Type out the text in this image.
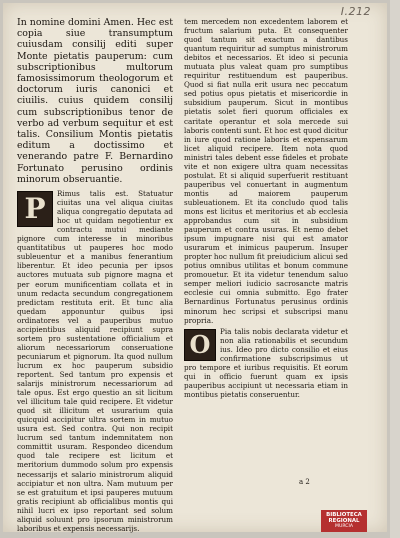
I.212

In nomine domini Amen. Hec est copia siue transumptum cuiusdam consilij editi super Monte pietatis pauperum: cum subscriptionibus multorum famosissimorum theologorum et doctorum iuris canonici et ciuilis. cuius quidem consilij cum subscriptionibus tenor de verbo ad verbum sequitur et est talis. Consilium Montis pietatis editum a doctissimo et venerando patre F. Bernardino Fortunato perusino ordinis minorum obseruantie.

P	Rimus talis est. Statuatur ciuitas una vel aliqua ciuitas aliqua congregatio deputata ad hoc ut quidam negotientur ex contractu mutui mediante pignore cum interesse in minoribus quantitatibus ut pauperes hoc modo subleuentur et a manibus fenerantium liberentur. Et ideo pecunia per ipsos auctores mutuata sub pignore magna et per eorum munificentiam collata et in unum redacta secundum congregationem predictam restituta erit. Et tunc alia quedam apponuntur quibus ipsi ordinatores vel a pauperibus mutuo accipientibus aliquid recipiunt supra sortem pro sustentatione officialium et aliorum necessariorum conseruatione pecuniarum et pignorum. Ita quod nullum lucrum ex hoc pauperum subsidio reportent. Sed tantum pro expensis et salarijs ministrorum necessariorum ad tale opus. Est ergo questio an sit licitum vel illicitum tale quid recipere. Et videtur quod sit illicitum et usurarium quia quicquid accipitur ultra sortem in mutuo usura est. Sed contra. Qui non recipit lucrum sed tantum indemnitatem non committit usuram. Respondeo dicendum quod tale recipere est licitum et meritorium dummodo solum pro expensis necessarijs et salario ministrorum aliquid accipiatur et non ultra. Nam mutuum per se est gratuitum et ipsi pauperes mutuum gratis recipiunt ab officialibus montis qui nihil lucri ex ipso reportant sed solum aliquid soluunt pro ipsorum ministrorum laboribus et expensis necessarijs.

tem mercedem non excedentem laborem et fructum salarium puta. Et consequenter quod tantum sit exactum a dantibus quantum requiritur ad sumptus ministrorum debitos et necessarios. Et ideo si pecunia mutuata plus valeat quam pro sumptibus requiritur restituendum est pauperibus. Quod si fiat nulla erit usura nec peccatum sed potius opus pietatis et misericordie in subsidium pauperum. Sicut in montibus pietatis solet fieri quorum officiales ex caritate operantur et sola mercede sui laboris contenti sunt. Et hoc est quod dicitur in iure quod ratione laboris et expensarum licet aliquid recipere. Item nota quod ministri tales debent esse fideles et probate vite et non exigere ultra quam necessitas postulat. Et si aliquid superfuerit restituant pauperibus vel conuertant in augmentum montis ad maiorem pauperum subleuationem. Et ita concludo quod talis mons est licitus et meritorius et ab ecclesia approbandus cum sit in subsidium pauperum et contra usuras. Et nemo debet ipsum impugnare nisi qui est amator usurarum et inimicus pauperum. Insuper propter hoc nullum fit preiudicium alicui sed potius omnibus utilitas et bonum commune promouetur. Et ita videtur tenendum saluo semper meliori iudicio sacrosancte matris ecclesie cui omnia submitto. Ego frater Bernardinus Fortunatus perusinus ordinis minorum hec scripsi et subscripsi manu propria.

O	Pia talis nobis declarata videtur et non alia rationabilis et secundum ius. Ideo pro dicto consilio et eius confirmatione subscripsimus ut pro tempore et iuribus requisitis. Et eorum qui in officio fuerunt quam ex ipsis pauperibus accipiunt ut necessaria etiam in montibus pietatis conseruentur.

a 2
BIBLIOTECA REGIONAL
MURCIA
